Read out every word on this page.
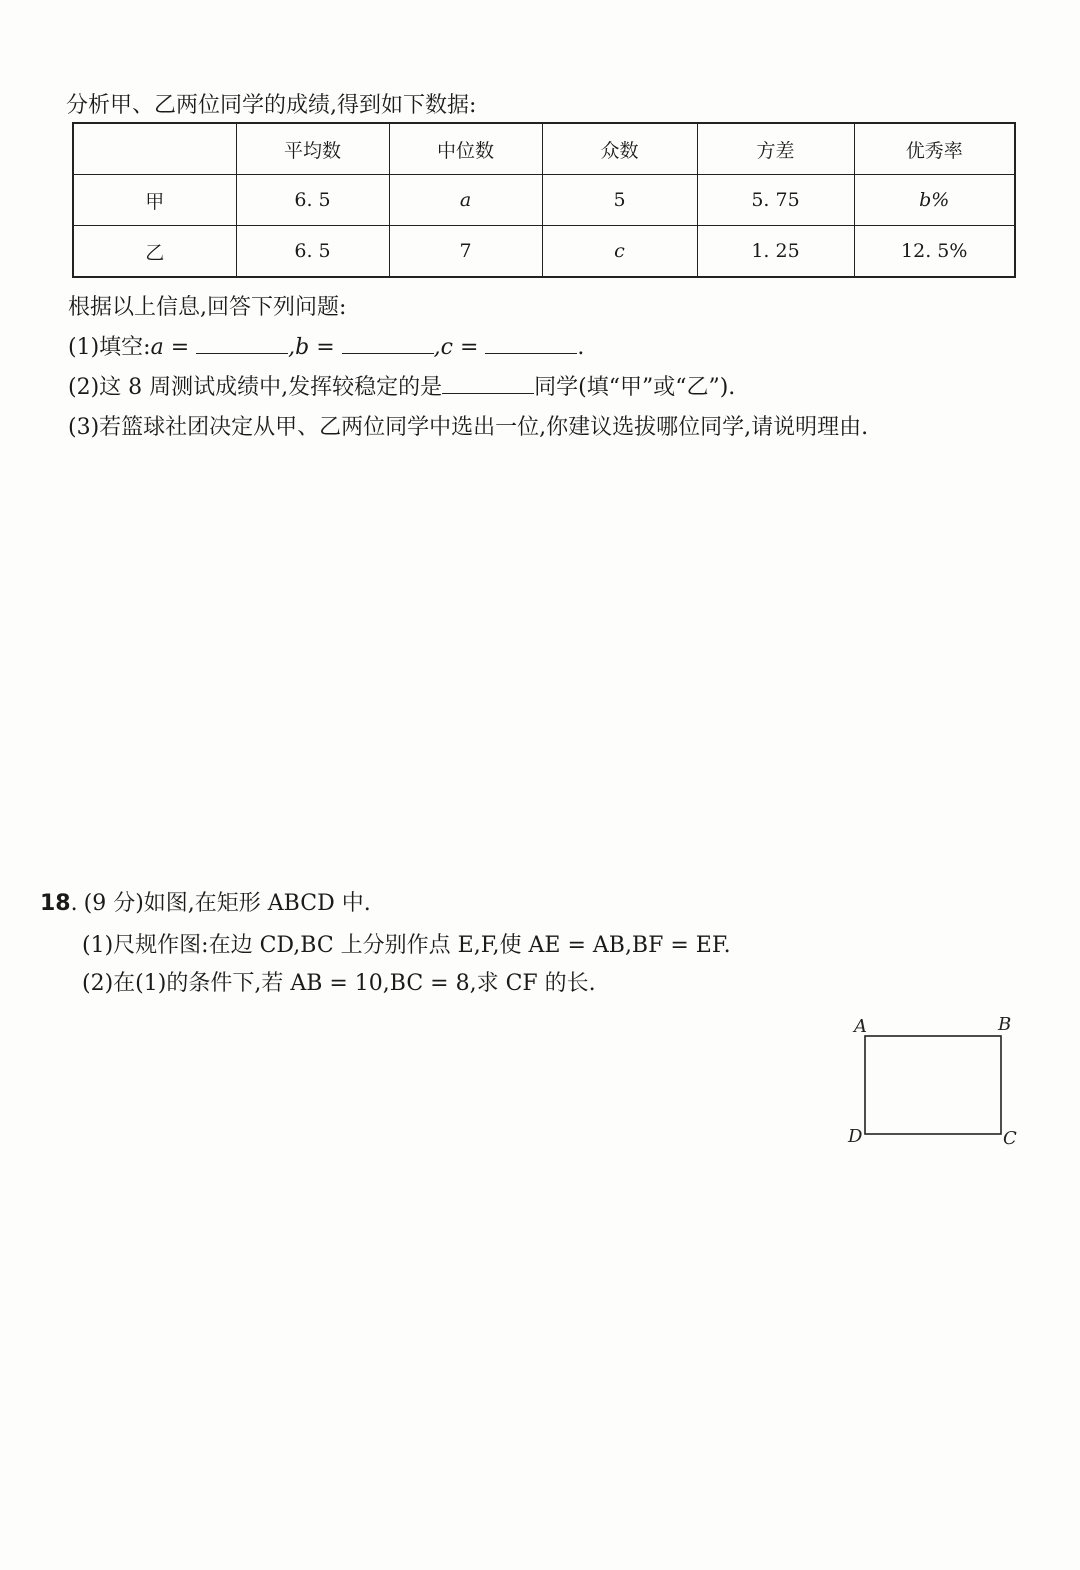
分析甲、乙两位同学的成绩,得到如下数据:
	平均数	中位数	众数	方差	优秀率
甲	6. 5	a	5	5. 75	b%
乙	6. 5	7	c	1. 25	12. 5%
根据以上信息,回答下列问题:
(1)填空:a =	,b =	,c =	.
(2)这 8 周测试成绩中,发挥较稳定的是	同学(填“甲”或“乙”).
(3)若篮球社团决定从甲、乙两位同学中选出一位,你建议选拔哪位同学,请说明理由.
18. (9 分)如图,在矩形 ABCD 中.
(1)尺规作图:在边 CD,BC 上分别作点 E,F,使 AE = AB,BF = EF.
(2)在(1)的条件下,若 AB = 10,BC = 8,求 CF 的长.
A	B
C
D
